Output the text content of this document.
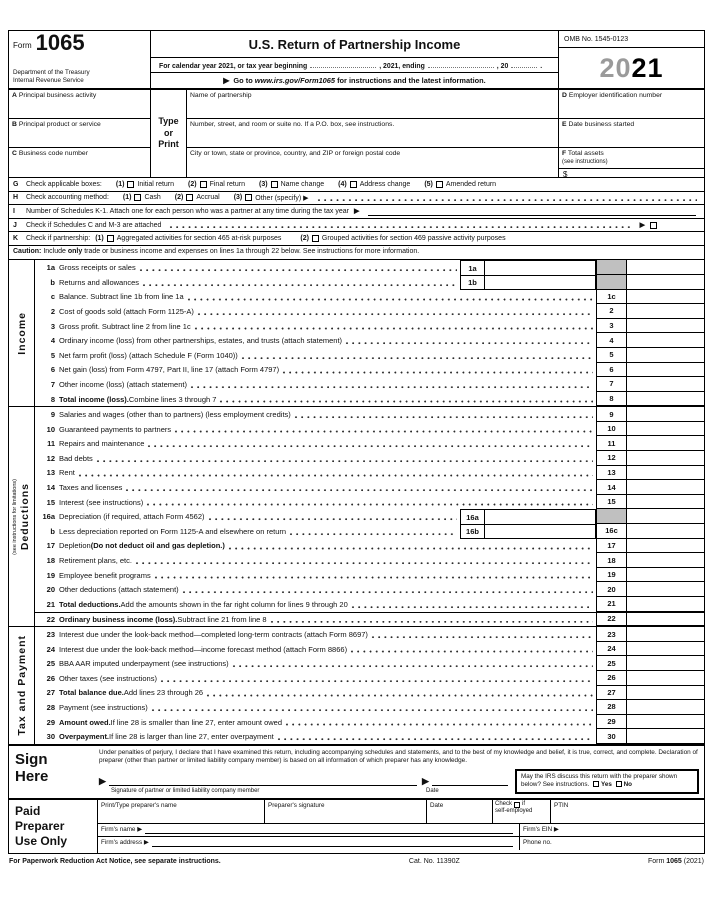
Form 1065
Department of the Treasury
Internal Revenue Service
U.S. Return of Partnership Income
For calendar year 2021, or tax year beginning	, 2021, ending	, 20	.
▶ Go to www.irs.gov/Form1065 for instructions and the latest information.
OMB No. 1545-0123
20 21
A Principal business activity
B Principal product or service
C Business code number
Type
or
Print
Name of partnership
Number, street, and room or suite no. If a P.O. box, see instructions.
City or town, state or province, country, and ZIP or foreign postal code
D Employer identification number
E Date business started
F Total assets
(see instructions)
$
G	Check applicable boxes: (1) Initial return (2) Final return (3) Name change (4) Address change (5) Amended return
H	Check accounting method: (1) Cash (2) Accrual (3) Other (specify) ▶
I	Number of Schedules K-1. Attach one for each person who was a partner at any time during the tax year ▶
J	Check if Schedules C and M-3 are attached	▶
K	Check if partnership: (1) Aggregated activities for section 465 at-risk purposes	(2) Grouped activities for section 469 passive activity purposes
Caution: Include only trade or business income and expenses on lines 1a through 22 below. See instructions for more information.
Income
1a Gross receipts or sales	1a
b Returns and allowances	1b
c Balance. Subtract line 1b from line 1a	1c
2 Cost of goods sold (attach Form 1125-A)	2
3 Gross profit. Subtract line 2 from line 1c	3
4 Ordinary income (loss) from other partnerships, estates, and trusts (attach statement)	4
5 Net farm profit (loss) (attach Schedule F (Form 1040))	5
6 Net gain (loss) from Form 4797, Part II, line 17 (attach Form 4797)	6
7 Other income (loss) (attach statement)	7
8 Total income (loss). Combine lines 3 through 7	8
(see instructions for limitations) Deductions
9 Salaries and wages (other than to partners) (less employment credits)	9
10 Guaranteed payments to partners	10
11 Repairs and maintenance	11
12 Bad debts	12
13 Rent	13
14 Taxes and licenses	14
15 Interest (see instructions)	15
16a Depreciation (if required, attach Form 4562)	16a
b Less depreciation reported on Form 1125-A and elsewhere on return	16b	16c
17 Depletion (Do not deduct oil and gas depletion.)	17
18 Retirement plans, etc.	18
19 Employee benefit programs	19
20 Other deductions (attach statement)	20
21 Total deductions. Add the amounts shown in the far right column for lines 9 through 20	21
22 Ordinary business income (loss). Subtract line 21 from line 8	22
Tax and Payment
23 Interest due under the look-back method—completed long-term contracts (attach Form 8697)	23
24 Interest due under the look-back method—income forecast method (attach Form 8866)	24
25 BBA AAR imputed underpayment (see instructions)	25
26 Other taxes (see instructions)	26
27 Total balance due. Add lines 23 through 26	27
28 Payment (see instructions)	28
29 Amount owed. If line 28 is smaller than line 27, enter amount owed	29
30 Overpayment. If line 28 is larger than line 27, enter overpayment	30
Sign
Here
Under penalties of perjury, I declare that I have examined this return, including accompanying schedules and statements, and to the best of my knowledge and belief, it is true, correct, and complete. Declaration of preparer (other than partner or limited liability company member) is based on all information of which preparer has any knowledge.
▶
Signature of partner or limited liability company member
▶
Date
May the IRS discuss this return with the preparer shown below? See instructions. Yes No
Paid
Preparer
Use Only
Print/Type preparer's name	Preparer's signature	Date	Check if
self-employed
PTIN
Firm's name ▶	Firm's EIN ▶
Firm's address ▶	Phone no.
For Paperwork Reduction Act Notice, see separate instructions.	Cat. No. 11390Z	Form 1065 (2021)
